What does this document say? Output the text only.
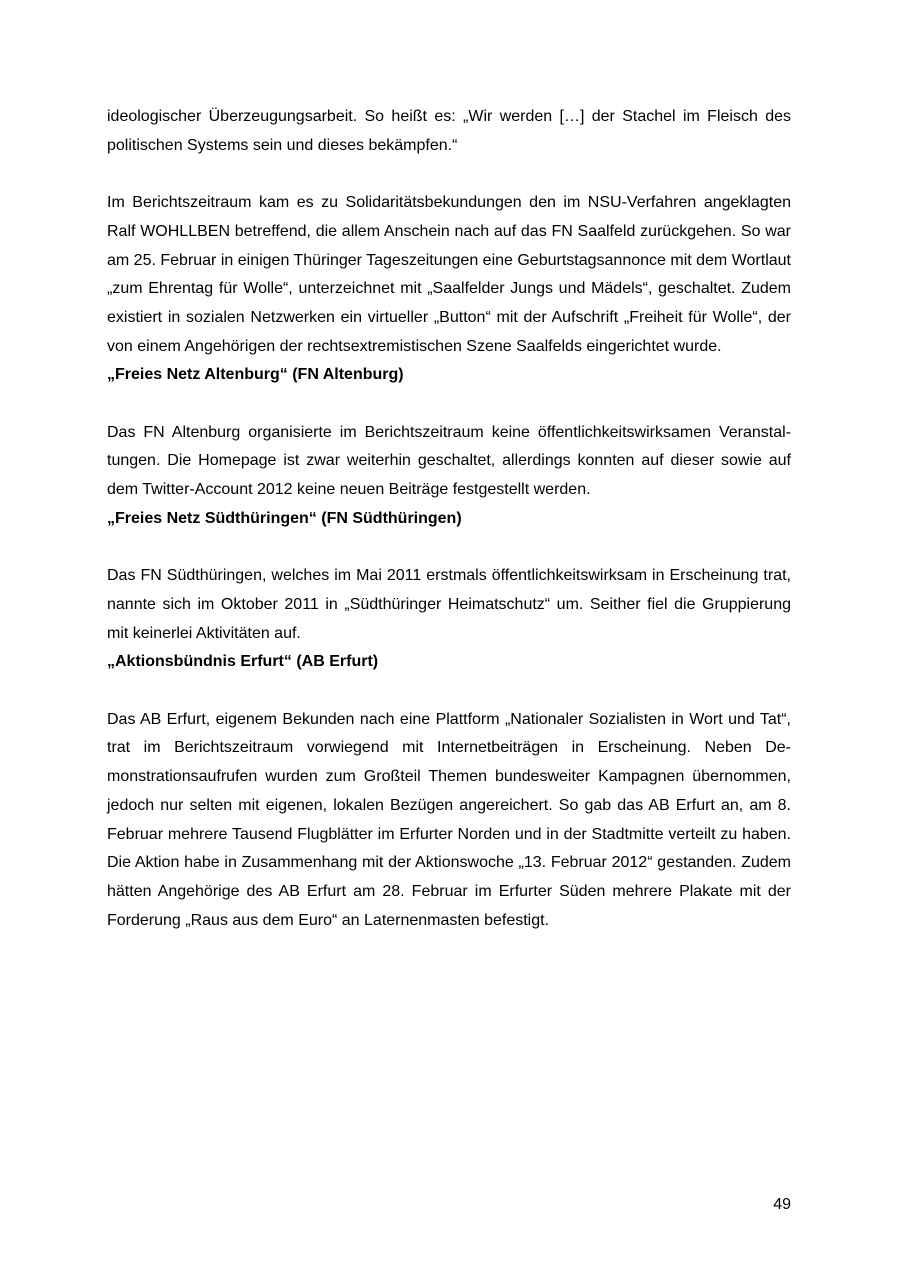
ideologischer Überzeugungsarbeit. So heißt es: „Wir werden […] der Stachel im Fleisch des politischen Systems sein und dieses bekämpfen.“

Im Berichtszeitraum kam es zu Solidaritätsbekundungen den im NSU-Verfahren angeklagten Ralf WOHLLBEN betreffend, die allem Anschein nach auf das FN Saalfeld zurückgehen. So war am 25. Februar in einigen Thüringer Tageszeitungen eine Geburtstagsannonce mit dem Wortlaut „zum Ehrentag für Wolle“, unterzeichnet mit „Saalfelder Jungs und Mädels“, geschaltet. Zudem existiert in sozialen Netzwerken ein virtueller „Button“ mit der Aufschrift „Freiheit für Wolle“, der von einem Angehörigen der rechtsextremistischen Szene Saalfelds eingerichtet wurde.

„Freies Netz Altenburg“ (FN Altenburg)

Das FN Altenburg organisierte im Berichtszeitraum keine öffentlichkeitswirksamen Veranstaltungen. Die Homepage ist zwar weiterhin geschaltet, allerdings konnten auf dieser sowie auf dem Twitter-Account 2012 keine neuen Beiträge festgestellt werden.

„Freies Netz Südthüringen“ (FN Südthüringen)

Das FN Südthüringen, welches im Mai 2011 erstmals öffentlichkeitswirksam in Erscheinung trat, nannte sich im Oktober 2011 in „Südthüringer Heimatschutz“ um. Seither fiel die Gruppierung mit keinerlei Aktivitäten auf.

„Aktionsbündnis Erfurt“ (AB Erfurt)

Das AB Erfurt, eigenem Bekunden nach eine Plattform „Nationaler Sozialisten in Wort und Tat“, trat im Berichtszeitraum vorwiegend mit Internetbeiträgen in Erscheinung. Neben Demonstrationsaufrufen wurden zum Großteil Themen bundesweiter Kampagnen übernommen, jedoch nur selten mit eigenen, lokalen Bezügen angereichert. So gab das AB Erfurt an, am 8. Februar mehrere Tausend Flugblätter im Erfurter Norden und in der Stadtmitte verteilt zu haben. Die Aktion habe in Zusammenhang mit der Aktionswoche „13. Februar 2012“ gestanden. Zudem hätten Angehörige des AB Erfurt am 28. Februar im Erfurter Süden mehrere Plakate mit der Forderung „Raus aus dem Euro“ an Laternenmasten befestigt.

49
